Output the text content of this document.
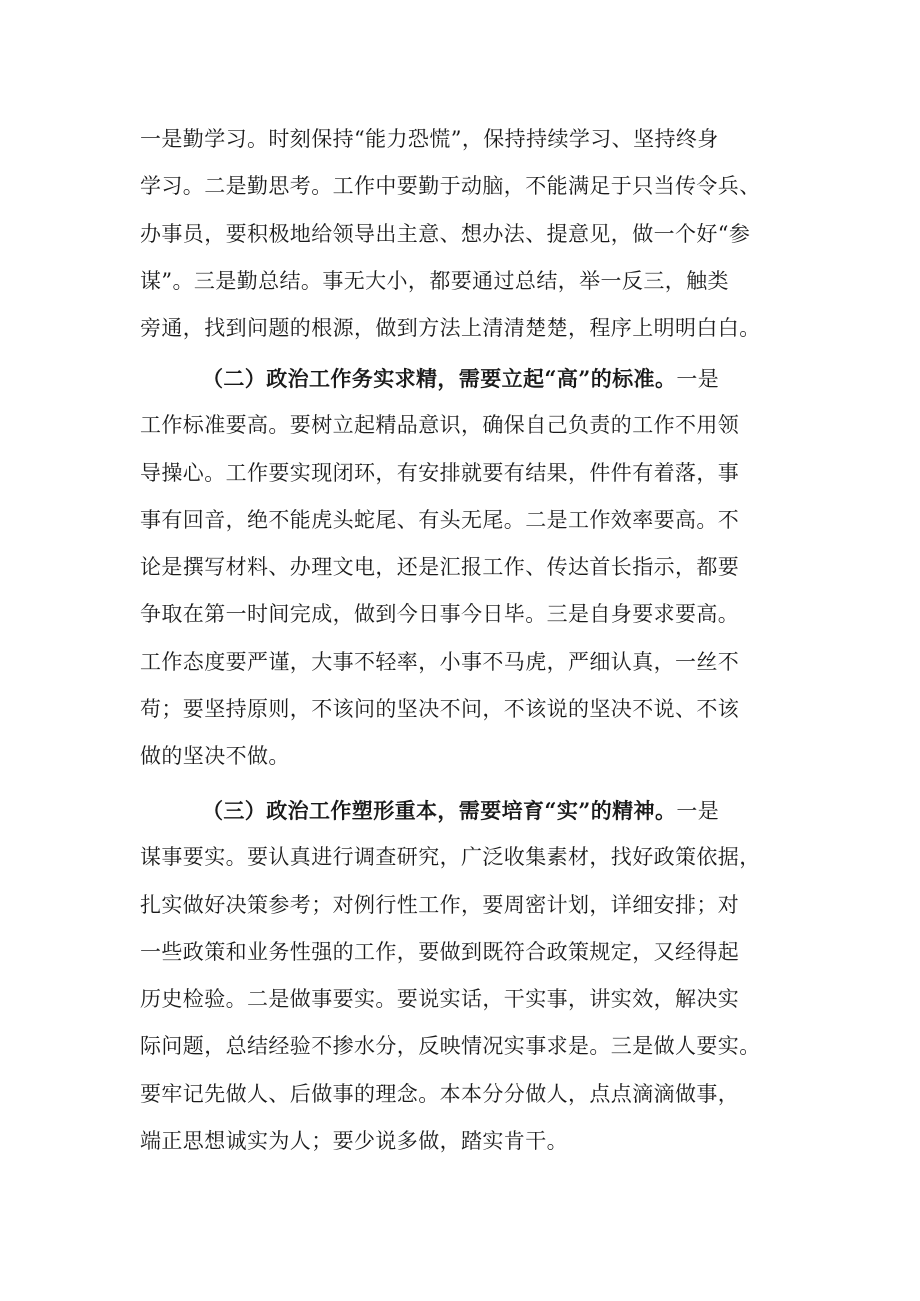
一是勤学习。时刻保持“能力恐慌”，保持持续学习、坚持终身
学习。二是勤思考。工作中要勤于动脑，不能满足于只当传令兵、
办事员，要积极地给领导出主意、想办法、提意见，做一个好“参
谋”。三是勤总结。事无大小，都要通过总结，举一反三，触类
旁通，找到问题的根源，做到方法上清清楚楚，程序上明明白白。
（二）政治工作务实求精，需要立起“高”的标准。一是
工作标准要高。要树立起精品意识，确保自己负责的工作不用领
导操心。工作要实现闭环，有安排就要有结果，件件有着落，事
事有回音，绝不能虎头蛇尾、有头无尾。二是工作效率要高。不
论是撰写材料、办理文电，还是汇报工作、传达首长指示，都要
争取在第一时间完成，做到今日事今日毕。三是自身要求要高。
工作态度要严谨，大事不轻率，小事不马虎，严细认真，一丝不
苟；要坚持原则，不该问的坚决不问，不该说的坚决不说、不该
做的坚决不做。
（三）政治工作塑形重本，需要培育“实”的精神。一是
谋事要实。要认真进行调查研究，广泛收集素材，找好政策依据，
扎实做好决策参考；对例行性工作，要周密计划，详细安排；对
一些政策和业务性强的工作，要做到既符合政策规定，又经得起
历史检验。二是做事要实。要说实话，干实事，讲实效，解决实
际问题，总结经验不掺水分，反映情况实事求是。三是做人要实。
要牢记先做人、后做事的理念。本本分分做人，点点滴滴做事，
端正思想诚实为人；要少说多做，踏实肯干。
